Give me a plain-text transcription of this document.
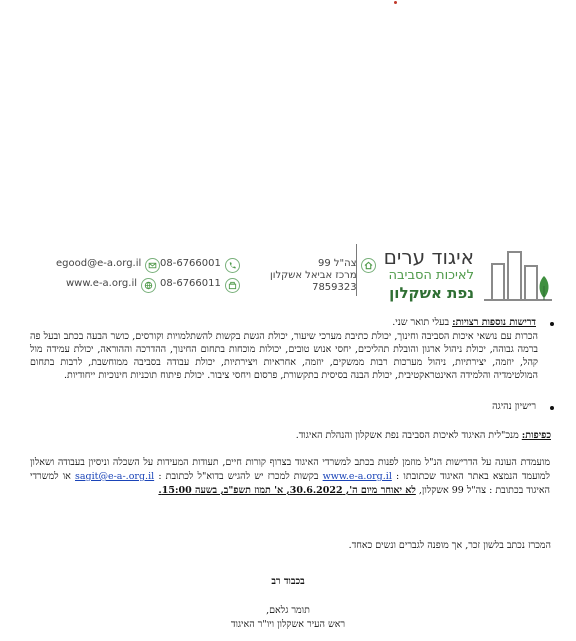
איגוד ערים
לאיכות הסביבה
נפת אשקלון
צה"ל 99
מרכז אביאל אשקלון
7859323
08-6766001
08-6766011
egood@e-a.org.il
www.e-a.org.il
דרישות נוספות רצויות: בעלי תואר שני.
הכרות עם נושאי איכות הסביבה וחינוך, יכולת כתיבת מערכי שיעור, יכולת הגשת בקשות להשתלמויות וקורסים, כושר הבעה בכתב ובעל פה ברמה גבוהה, יכולת ניהול ארגון והובלת תהליכים, יחסי אנוש טובים, יכולות מוכחות בתחום החינוך, ההדרכה וההוראה, יכולת עמידה מול קהל, יוזמה, יצירתיות, ניהול מערכות רבות ממשקים, יוזמה, אחראיות ויצירתיות, יכולת עבודה בסביבה ממוחשבת, לרבות בתחום המולטימדיה והלמידה האינטראקטיבית, יכולת הבנה בסיסית בתקשורת, פרסום ויחסי ציבור. יכולת פיתוח תוכניות חינוכיות ייחודיות.
רישיון נהיגה
כפיפות: מנכ"לית האיגוד לאיכות הסביבה נפת אשקלון והנהלת האיגוד.
מועמדת העונה על הדרישות הנ"ל מוזמן לפנות בכתב למשרדי האיגוד בצרוף קורות חיים, תעודות המעידות על השכלה וניסיון בעבודה ושאלון למועמד הנמצא באתר האיגוד שכתובתו : www.e-a.org.il בקשות למכרז יש להגיש בדוא"ל לכתובת : sagit@e-a-.org.il או למשרדי האיגוד בכתובת : צה"ל 99 אשקלון, לא יאוחר מיום ה', 30.6.2022, א' תמוז תשפ"ב, בשעה 15:00.
המכרז נכתב בלשון זכר, אך מופנה לגברים ונשים כאחד.
בכבוד רב
תומר גלאם,
ראש העיר אשקלון ויו"ר האיגוד
